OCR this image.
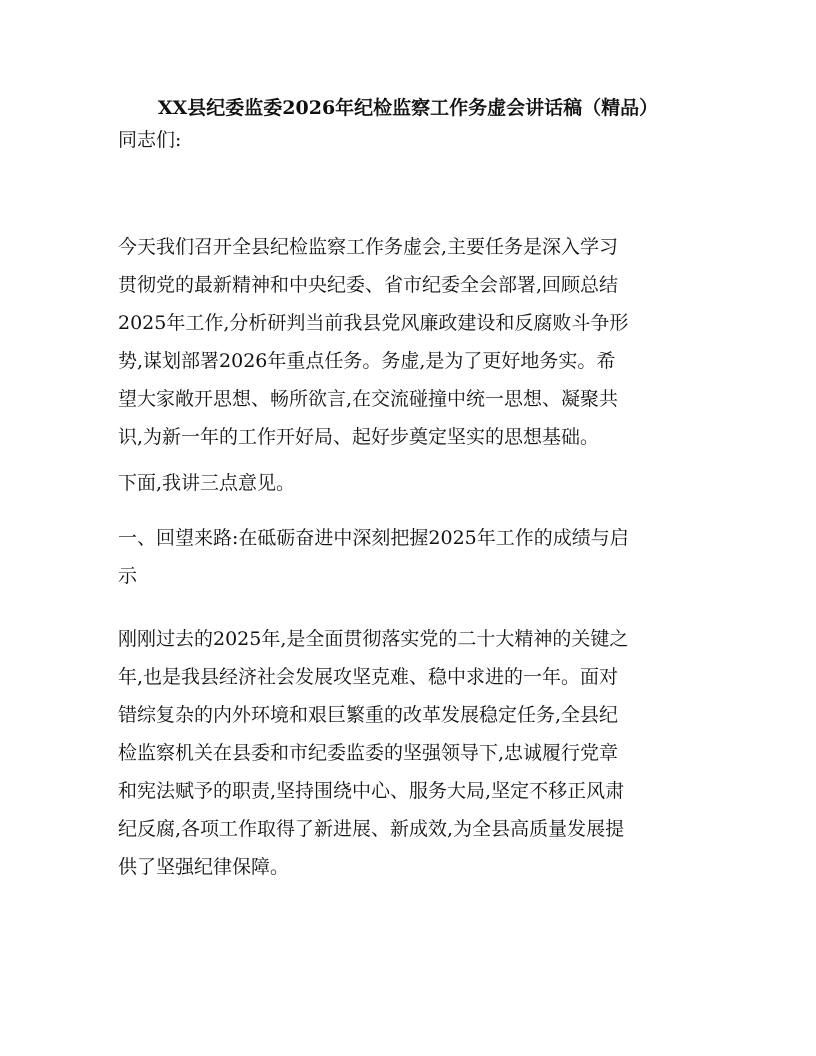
XX县纪委监委2026年纪检监察工作务虚会讲话稿（精品）

同志们:

今天我们召开全县纪检监察工作务虚会,主要任务是深入学习
贯彻党的最新精神和中央纪委、省市纪委全会部署,回顾总结
2025年工作,分析研判当前我县党风廉政建设和反腐败斗争形
势,谋划部署2026年重点任务。务虚,是为了更好地务实。希
望大家敞开思想、畅所欲言,在交流碰撞中统一思想、凝聚共
识,为新一年的工作开好局、起好步奠定坚实的思想基础。

下面,我讲三点意见。

一、回望来路:在砥砺奋进中深刻把握2025年工作的成绩与启
示

刚刚过去的2025年,是全面贯彻落实党的二十大精神的关键之
年,也是我县经济社会发展攻坚克难、稳中求进的一年。面对
错综复杂的内外环境和艰巨繁重的改革发展稳定任务,全县纪
检监察机关在县委和市纪委监委的坚强领导下,忠诚履行党章
和宪法赋予的职责,坚持围绕中心、服务大局,坚定不移正风肃
纪反腐,各项工作取得了新进展、新成效,为全县高质量发展提
供了坚强纪律保障。
